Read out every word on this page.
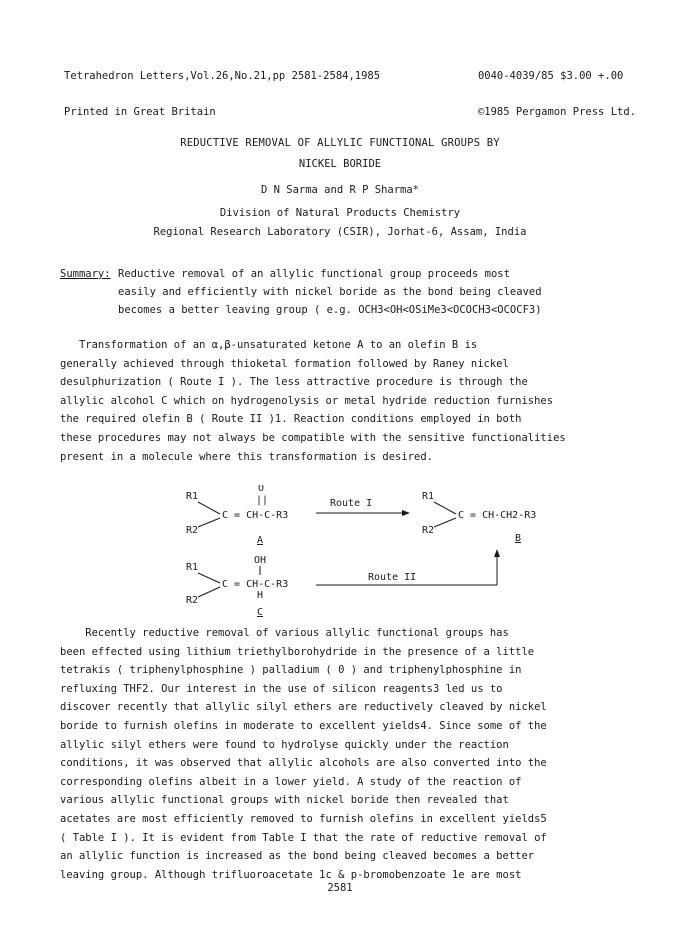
Tetrahedron Letters,Vol.26,No.21,pp 2581-2584,1985

Printed in Great Britain

0040-4039/85 $3.00 +.00

©1985 Pergamon Press Ltd.

REDUCTIVE REMOVAL OF ALLYLIC FUNCTIONAL GROUPS BY
NICKEL BORIDE
D N Sarma and R P Sharma*
Division of Natural Products Chemistry
Regional Research Laboratory (CSIR), Jorhat-6, Assam, India
Summary: Reductive removal of an allylic functional group proceeds most
easily and efficiently with nickel boride as the bond being cleaved
becomes a better leaving group ( e.g. OCH3<OH<OSiMe3<OCOCH3<OCOCF3)
Transformation of an α,β-unsaturated ketone A to an olefin B is
generally achieved through thioketal formation followed by Raney nickel
desulphurization ( Route I ). The less attractive procedure is through the
allylic alcohol C which on hydrogenolysis or metal hydride reduction furnishes
the required olefin B ( Route II )1. Reaction conditions employed in both
these procedures may not always be compatible with the sensitive functionalities
present in a molecule where this transformation is desired.
R1
R2
O
||
C = CH-C-R3
A
Route I
R1
R2
C = CH-CH2-R3
B
R1
R2
OH
C = CH-C-R3
H
C
Route II
Recently reductive removal of various allylic functional groups has
been effected using lithium triethylborohydride in the presence of a little
tetrakis ( triphenylphosphine ) palladium ( 0 ) and triphenylphosphine in
refluxing THF2. Our interest in the use of silicon reagents3 led us to
discover recently that allylic silyl ethers are reductively cleaved by nickel
boride to furnish olefins in moderate to excellent yields4. Since some of the
allylic silyl ethers were found to hydrolyse quickly under the reaction
conditions, it was observed that allylic alcohols are also converted into the
corresponding olefins albeit in a lower yield. A study of the reaction of
various allylic functional groups with nickel boride then revealed that
acetates are most efficiently removed to furnish olefins in excellent yields5
( Table I ). It is evident from Table I that the rate of reductive removal of
an allylic function is increased as the bond being cleaved becomes a better
leaving group. Although trifluoroacetate 1c & p-bromobenzoate 1e are most
2581
